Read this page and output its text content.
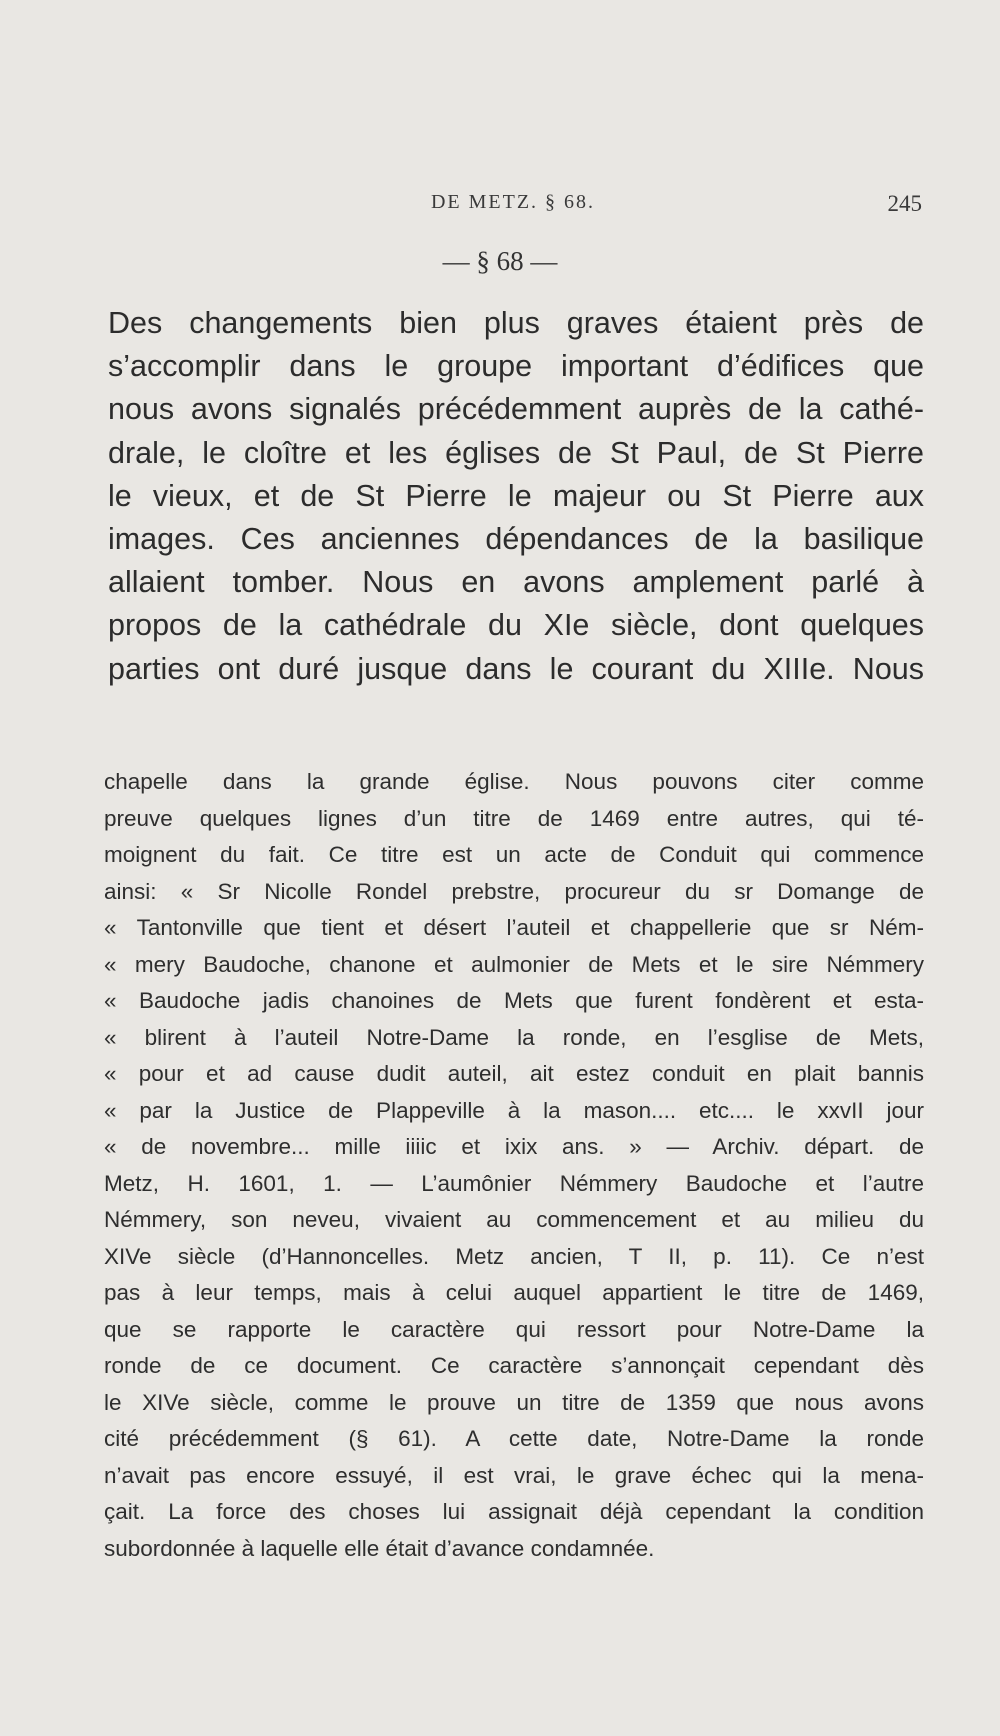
DE METZ. § 68.	245
— § 68 —
Des changements bien plus graves étaient près de
s’accomplir dans le groupe important d’édifices que
nous avons signalés précédemment auprès de la cathé-
drale, le cloître et les églises de St Paul, de St Pierre
le vieux, et de St Pierre le majeur ou St Pierre aux
images. Ces anciennes dépendances de la basilique
allaient tomber. Nous en avons amplement parlé à
propos de la cathédrale du XIe siècle, dont quelques
parties ont duré jusque dans le courant du XIIIe. Nous
chapelle dans la grande église. Nous pouvons citer comme
preuve quelques lignes d’un titre de 1469 entre autres, qui té-
moignent du fait. Ce titre est un acte de Conduit qui commence
ainsi: « Sr Nicolle Rondel prebstre, procureur du sr Domange de
« Tantonville que tient et désert l’auteil et chappellerie que sr Ném-
« mery Baudoche, chanone et aulmonier de Mets et le sire Némmery
« Baudoche jadis chanoines de Mets que furent fondèrent et esta-
« blirent à l’auteil Notre-Dame la ronde, en l’esglise de Mets,
« pour et ad cause dudit auteil, ait estez conduit en plait bannis
« par la Justice de Plappeville à la mason.... etc.... le xxvII jour
« de novembre... mille iiiic et ixix ans. » — Archiv. départ. de
Metz, H. 1601, 1. — L’aumônier Némmery Baudoche et l’autre
Némmery, son neveu, vivaient au commencement et au milieu du
XIVe siècle (d’Hannoncelles. Metz ancien, T II, p. 11). Ce n’est
pas à leur temps, mais à celui auquel appartient le titre de 1469,
que se rapporte le caractère qui ressort pour Notre-Dame la
ronde de ce document. Ce caractère s’annonçait cependant dès
le XIVe siècle, comme le prouve un titre de 1359 que nous avons
cité précédemment (§ 61). A cette date, Notre-Dame la ronde
n’avait pas encore essuyé, il est vrai, le grave échec qui la mena-
çait. La force des choses lui assignait déjà cependant la condition
subordonnée à laquelle elle était d’avance condamnée.
